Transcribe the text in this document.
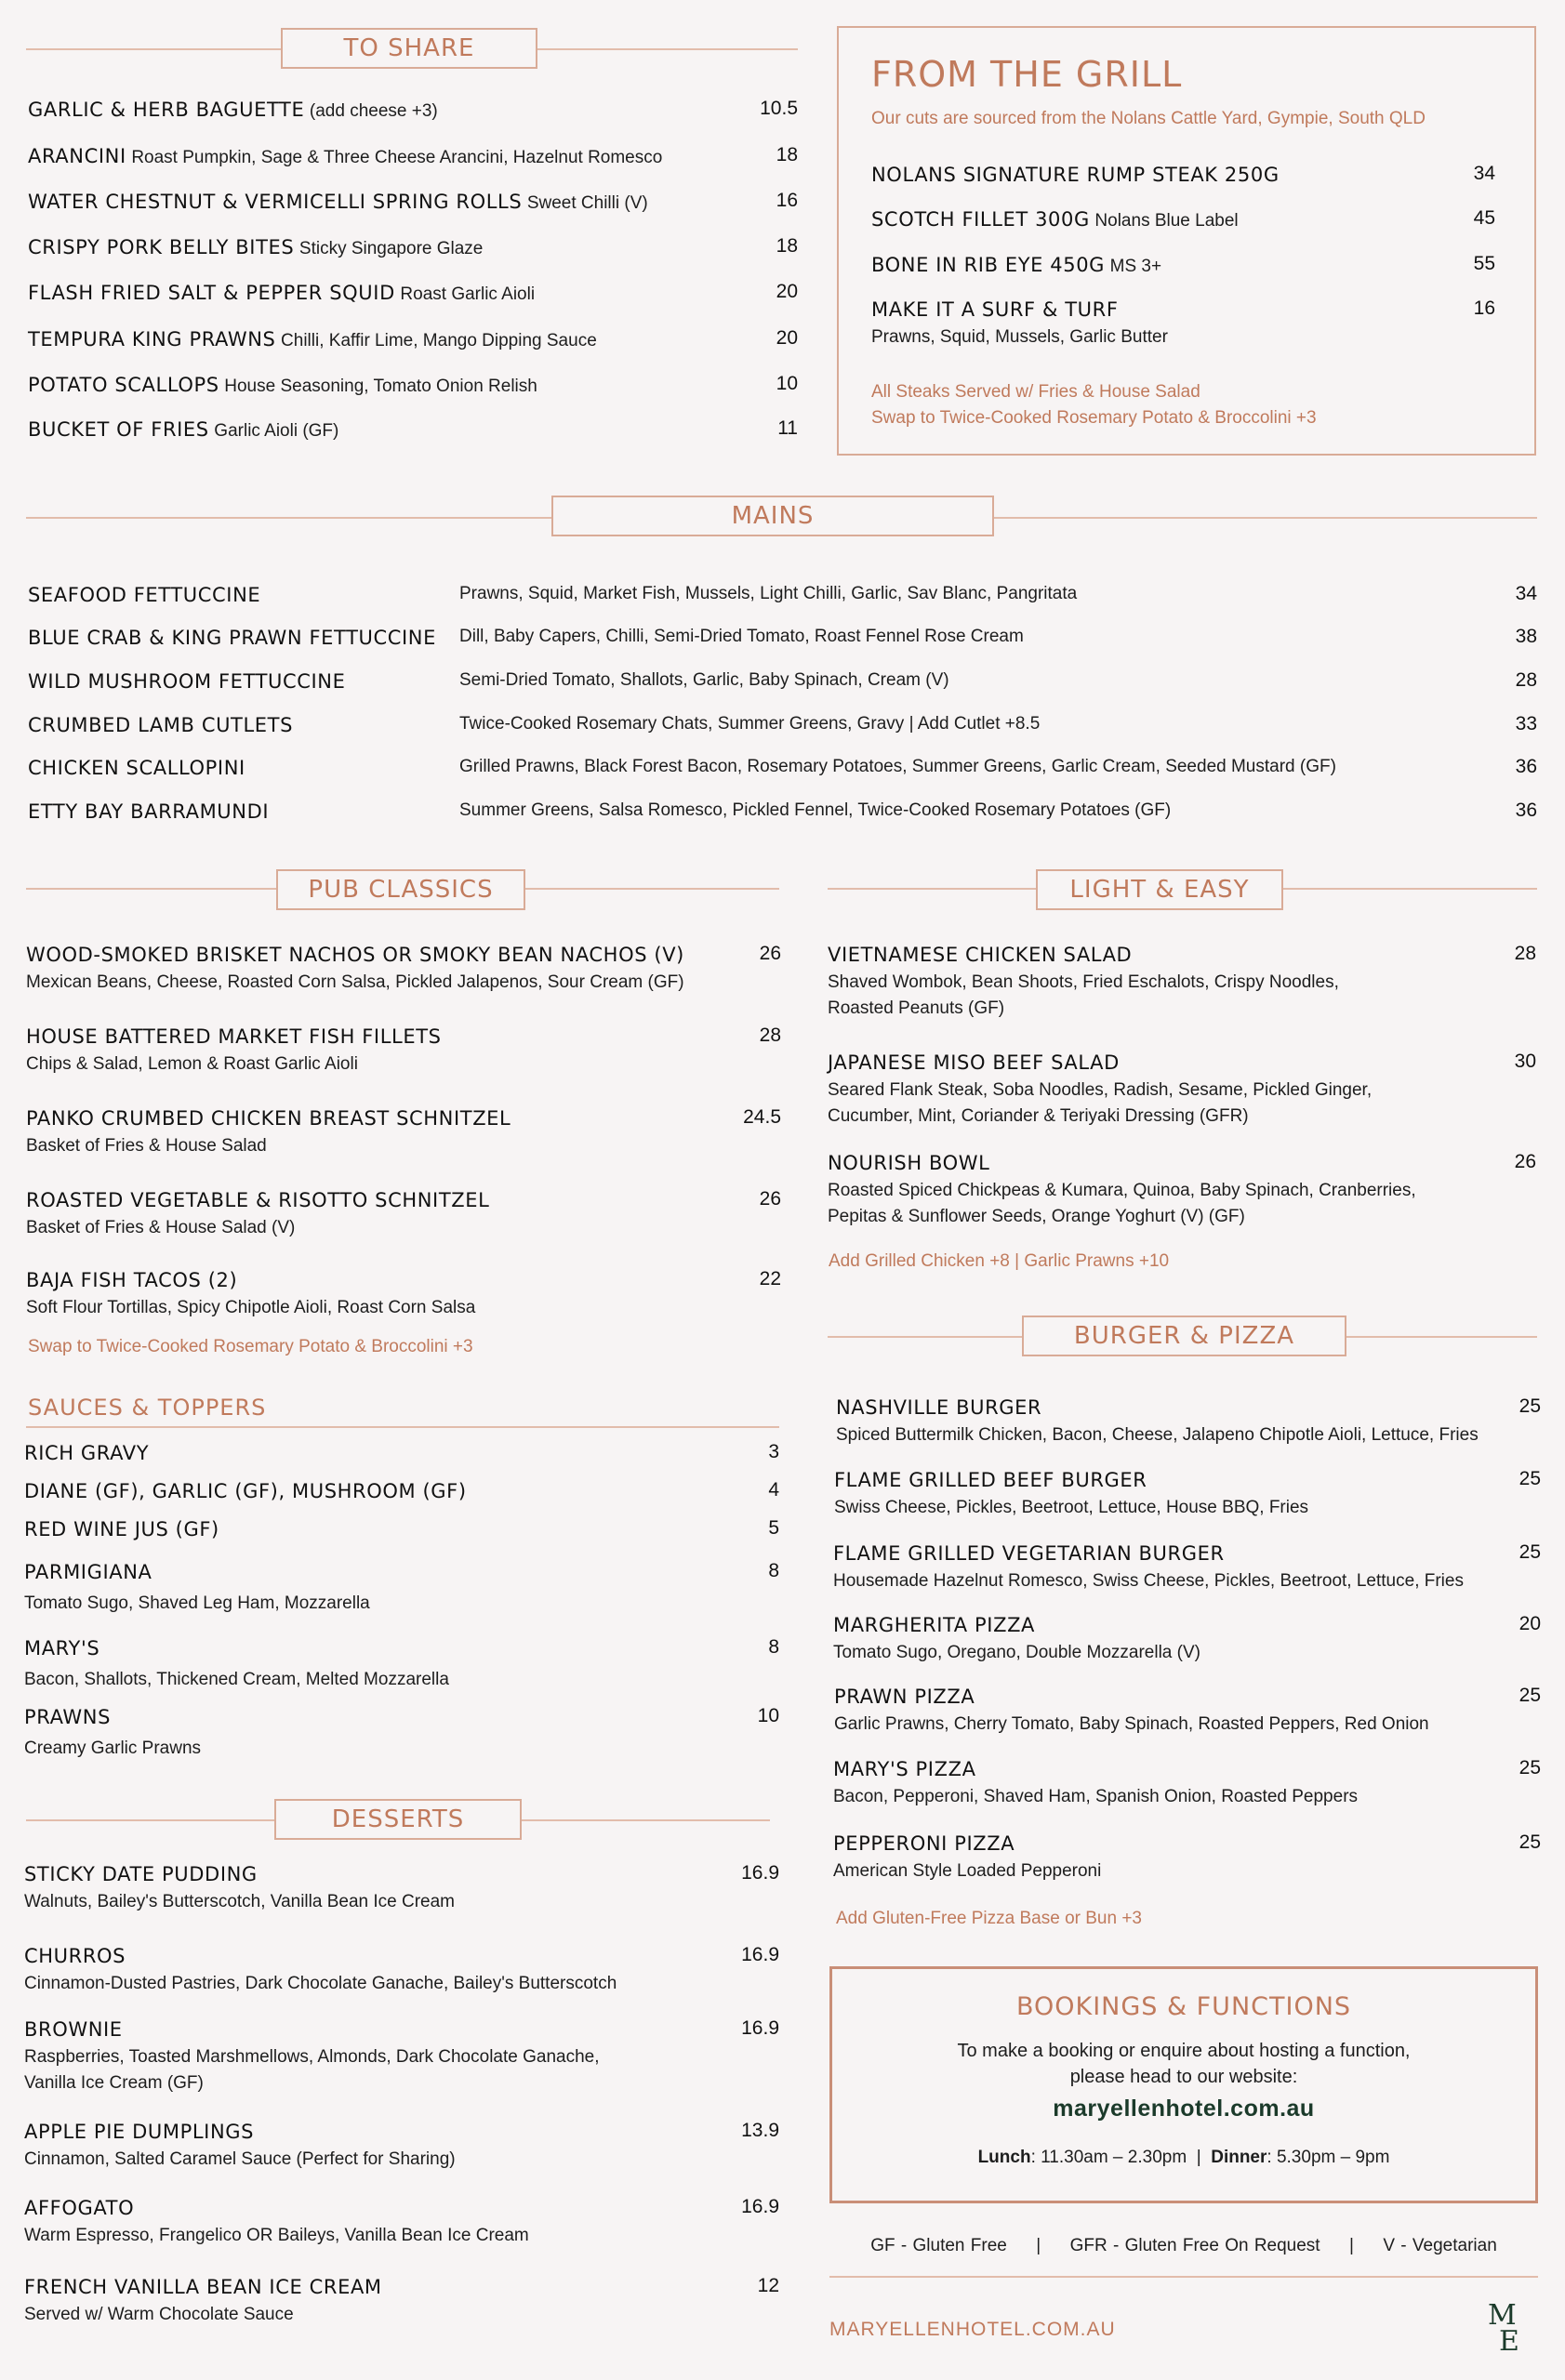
TO SHARE
FROM THE GRILL
Our cuts are sourced from the Nolans Cattle Yard, Gympie, South QLD
MAINS
PUB CLASSICS	LIGHT & EASY
SAUCES & TOPPERS
DESSERTS
BURGER & PIZZA
BOOKINGS & FUNCTIONS
To make a booking or enquire about hosting a function,
please head to our website:
maryellenhotel.com.au
Lunch: 11.30am – 2.30pm | Dinner: 5.30pm – 9pm
GF - Gluten Free | GFR - Gluten Free On Request | V - Vegetarian
MARYELLENHOTEL.COM.AU	M
E
GARLIC & HERB BAGUETTE (add cheese +3)	10.5
ARANCINI Roast Pumpkin, Sage & Three Cheese Arancini, Hazelnut Romesco	18
WATER CHESTNUT & VERMICELLI SPRING ROLLS Sweet Chilli (V)	16
CRISPY PORK BELLY BITES Sticky Singapore Glaze	18
FLASH FRIED SALT & PEPPER SQUID Roast Garlic Aioli	20
TEMPURA KING PRAWNS Chilli, Kaffir Lime, Mango Dipping Sauce	20
POTATO SCALLOPS House Seasoning, Tomato Onion Relish	10
BUCKET OF FRIES Garlic Aioli (GF)	11
NOLANS SIGNATURE RUMP STEAK 250G	34
SCOTCH FILLET 300G Nolans Blue Label	45
BONE IN RIB EYE 450G MS 3+	55
MAKE IT A SURF & TURF
Prawns, Squid, Mussels, Garlic Butter
16
All Steaks Served w/ Fries & House Salad
Swap to Twice-Cooked Rosemary Potato & Broccolini +3
SEAFOOD FETTUCCINE	Prawns, Squid, Market Fish, Mussels, Light Chilli, Garlic, Sav Blanc, Pangritata	34
BLUE CRAB & KING PRAWN FETTUCCINE Dill, Baby Capers, Chilli, Semi-Dried Tomato, Roast Fennel Rose Cream	38
WILD MUSHROOM FETTUCCINE	Semi-Dried Tomato, Shallots, Garlic, Baby Spinach, Cream (V)	28
CRUMBED LAMB CUTLETS	Twice-Cooked Rosemary Chats, Summer Greens, Gravy | Add Cutlet +8.5	33
CHICKEN SCALLOPINI	Grilled Prawns, Black Forest Bacon, Rosemary Potatoes, Summer Greens, Garlic Cream, Seeded Mustard (GF)	36
ETTY BAY BARRAMUNDI	Summer Greens, Salsa Romesco, Pickled Fennel, Twice-Cooked Rosemary Potatoes (GF)	36
WOOD-SMOKED BRISKET NACHOS OR SMOKY BEAN NACHOS (V)
Mexican Beans, Cheese, Roasted Corn Salsa, Pickled Jalapenos, Sour Cream (GF)
26
HOUSE BATTERED MARKET FISH FILLETS
Chips & Salad, Lemon & Roast Garlic Aioli
28
PANKO CRUMBED CHICKEN BREAST SCHNITZEL
Basket of Fries & House Salad
24.5
ROASTED VEGETABLE & RISOTTO SCHNITZEL
Basket of Fries & House Salad (V)
26
BAJA FISH TACOS (2)
Soft Flour Tortillas, Spicy Chipotle Aioli, Roast Corn Salsa
22
Swap to Twice-Cooked Rosemary Potato & Broccolini +3
RICH GRAVY	3
DIANE (GF), GARLIC (GF), MUSHROOM (GF)	4
RED WINE JUS (GF)	5
PARMIGIANA
Tomato Sugo, Shaved Leg Ham, Mozzarella
8
MARY'S
Bacon, Shallots, Thickened Cream, Melted Mozzarella
8
PRAWNS
Creamy Garlic Prawns
10
STICKY DATE PUDDING
Walnuts, Bailey's Butterscotch, Vanilla Bean Ice Cream
16.9
CHURROS
Cinnamon-Dusted Pastries, Dark Chocolate Ganache, Bailey's Butterscotch
16.9
BROWNIE
Raspberries, Toasted Marshmellows, Almonds, Dark Chocolate Ganache,
Vanilla Ice Cream (GF)
16.9
APPLE PIE DUMPLINGS
Cinnamon, Salted Caramel Sauce (Perfect for Sharing)
13.9
AFFOGATO
Warm Espresso, Frangelico OR Baileys, Vanilla Bean Ice Cream
16.9
FRENCH VANILLA BEAN ICE CREAM
Served w/ Warm Chocolate Sauce
12
VIETNAMESE CHICKEN SALAD
Shaved Wombok, Bean Shoots, Fried Eschalots, Crispy Noodles,
Roasted Peanuts (GF)
28
JAPANESE MISO BEEF SALAD
Seared Flank Steak, Soba Noodles, Radish, Sesame, Pickled Ginger,
Cucumber, Mint, Coriander & Teriyaki Dressing (GFR)
30
NOURISH BOWL
Roasted Spiced Chickpeas & Kumara, Quinoa, Baby Spinach, Cranberries,
Pepitas & Sunflower Seeds, Orange Yoghurt (V) (GF)
26
Add Grilled Chicken +8 | Garlic Prawns +10
NASHVILLE BURGER
Spiced Buttermilk Chicken, Bacon, Cheese, Jalapeno Chipotle Aioli, Lettuce, Fries
25
FLAME GRILLED BEEF BURGER
Swiss Cheese, Pickles, Beetroot, Lettuce, House BBQ, Fries
25
FLAME GRILLED VEGETARIAN BURGER
Housemade Hazelnut Romesco, Swiss Cheese, Pickles, Beetroot, Lettuce, Fries
25
MARGHERITA PIZZA
Tomato Sugo, Oregano, Double Mozzarella (V)
20
PRAWN PIZZA
Garlic Prawns, Cherry Tomato, Baby Spinach, Roasted Peppers, Red Onion
25
MARY'S PIZZA
Bacon, Pepperoni, Shaved Ham, Spanish Onion, Roasted Peppers
25
PEPPERONI PIZZA
American Style Loaded Pepperoni
25
Add Gluten-Free Pizza Base or Bun +3
